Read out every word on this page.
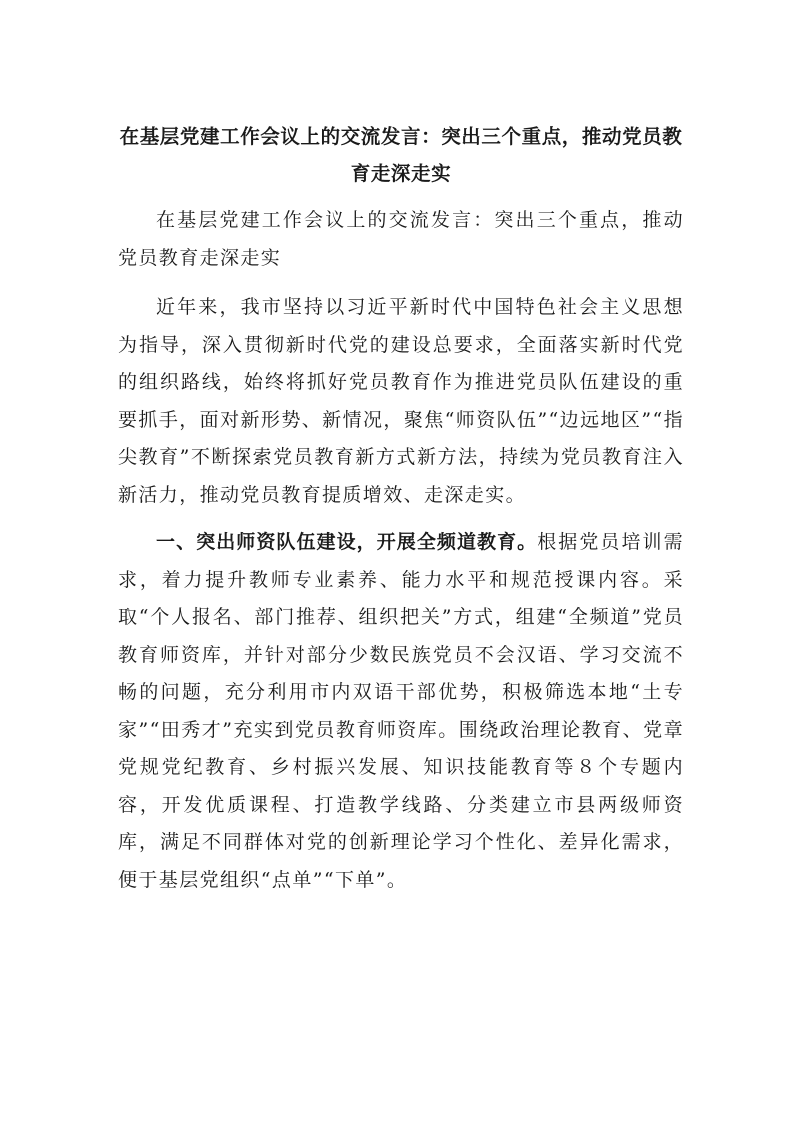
在基层党建工作会议上的交流发言：突出三个重点，推动党员教育走深走实

在基层党建工作会议上的交流发言：突出三个重点，推动党员教育走深走实

近年来，我市坚持以习近平新时代中国特色社会主义思想为指导，深入贯彻新时代党的建设总要求，全面落实新时代党的组织路线，始终将抓好党员教育作为推进党员队伍建设的重要抓手，面对新形势、新情况，聚焦“师资队伍”“边远地区”“指尖教育”不断探索党员教育新方式新方法，持续为党员教育注入新活力，推动党员教育提质增效、走深走实。

一、突出师资队伍建设，开展全频道教育。根据党员培训需求，着力提升教师专业素养、能力水平和规范授课内容。采取“个人报名、部门推荐、组织把关”方式，组建“全频道”党员教育师资库，并针对部分少数民族党员不会汉语、学习交流不畅的问题，充分利用市内双语干部优势，积极筛选本地“土专家”“田秀才”充实到党员教育师资库。围绕政治理论教育、党章党规党纪教育、乡村振兴发展、知识技能教育等８个专题内容，开发优质课程、打造教学线路、分类建立市县两级师资库，满足不同群体对党的创新理论学习个性化、差异化需求，便于基层党组织“点单”“下单”。
